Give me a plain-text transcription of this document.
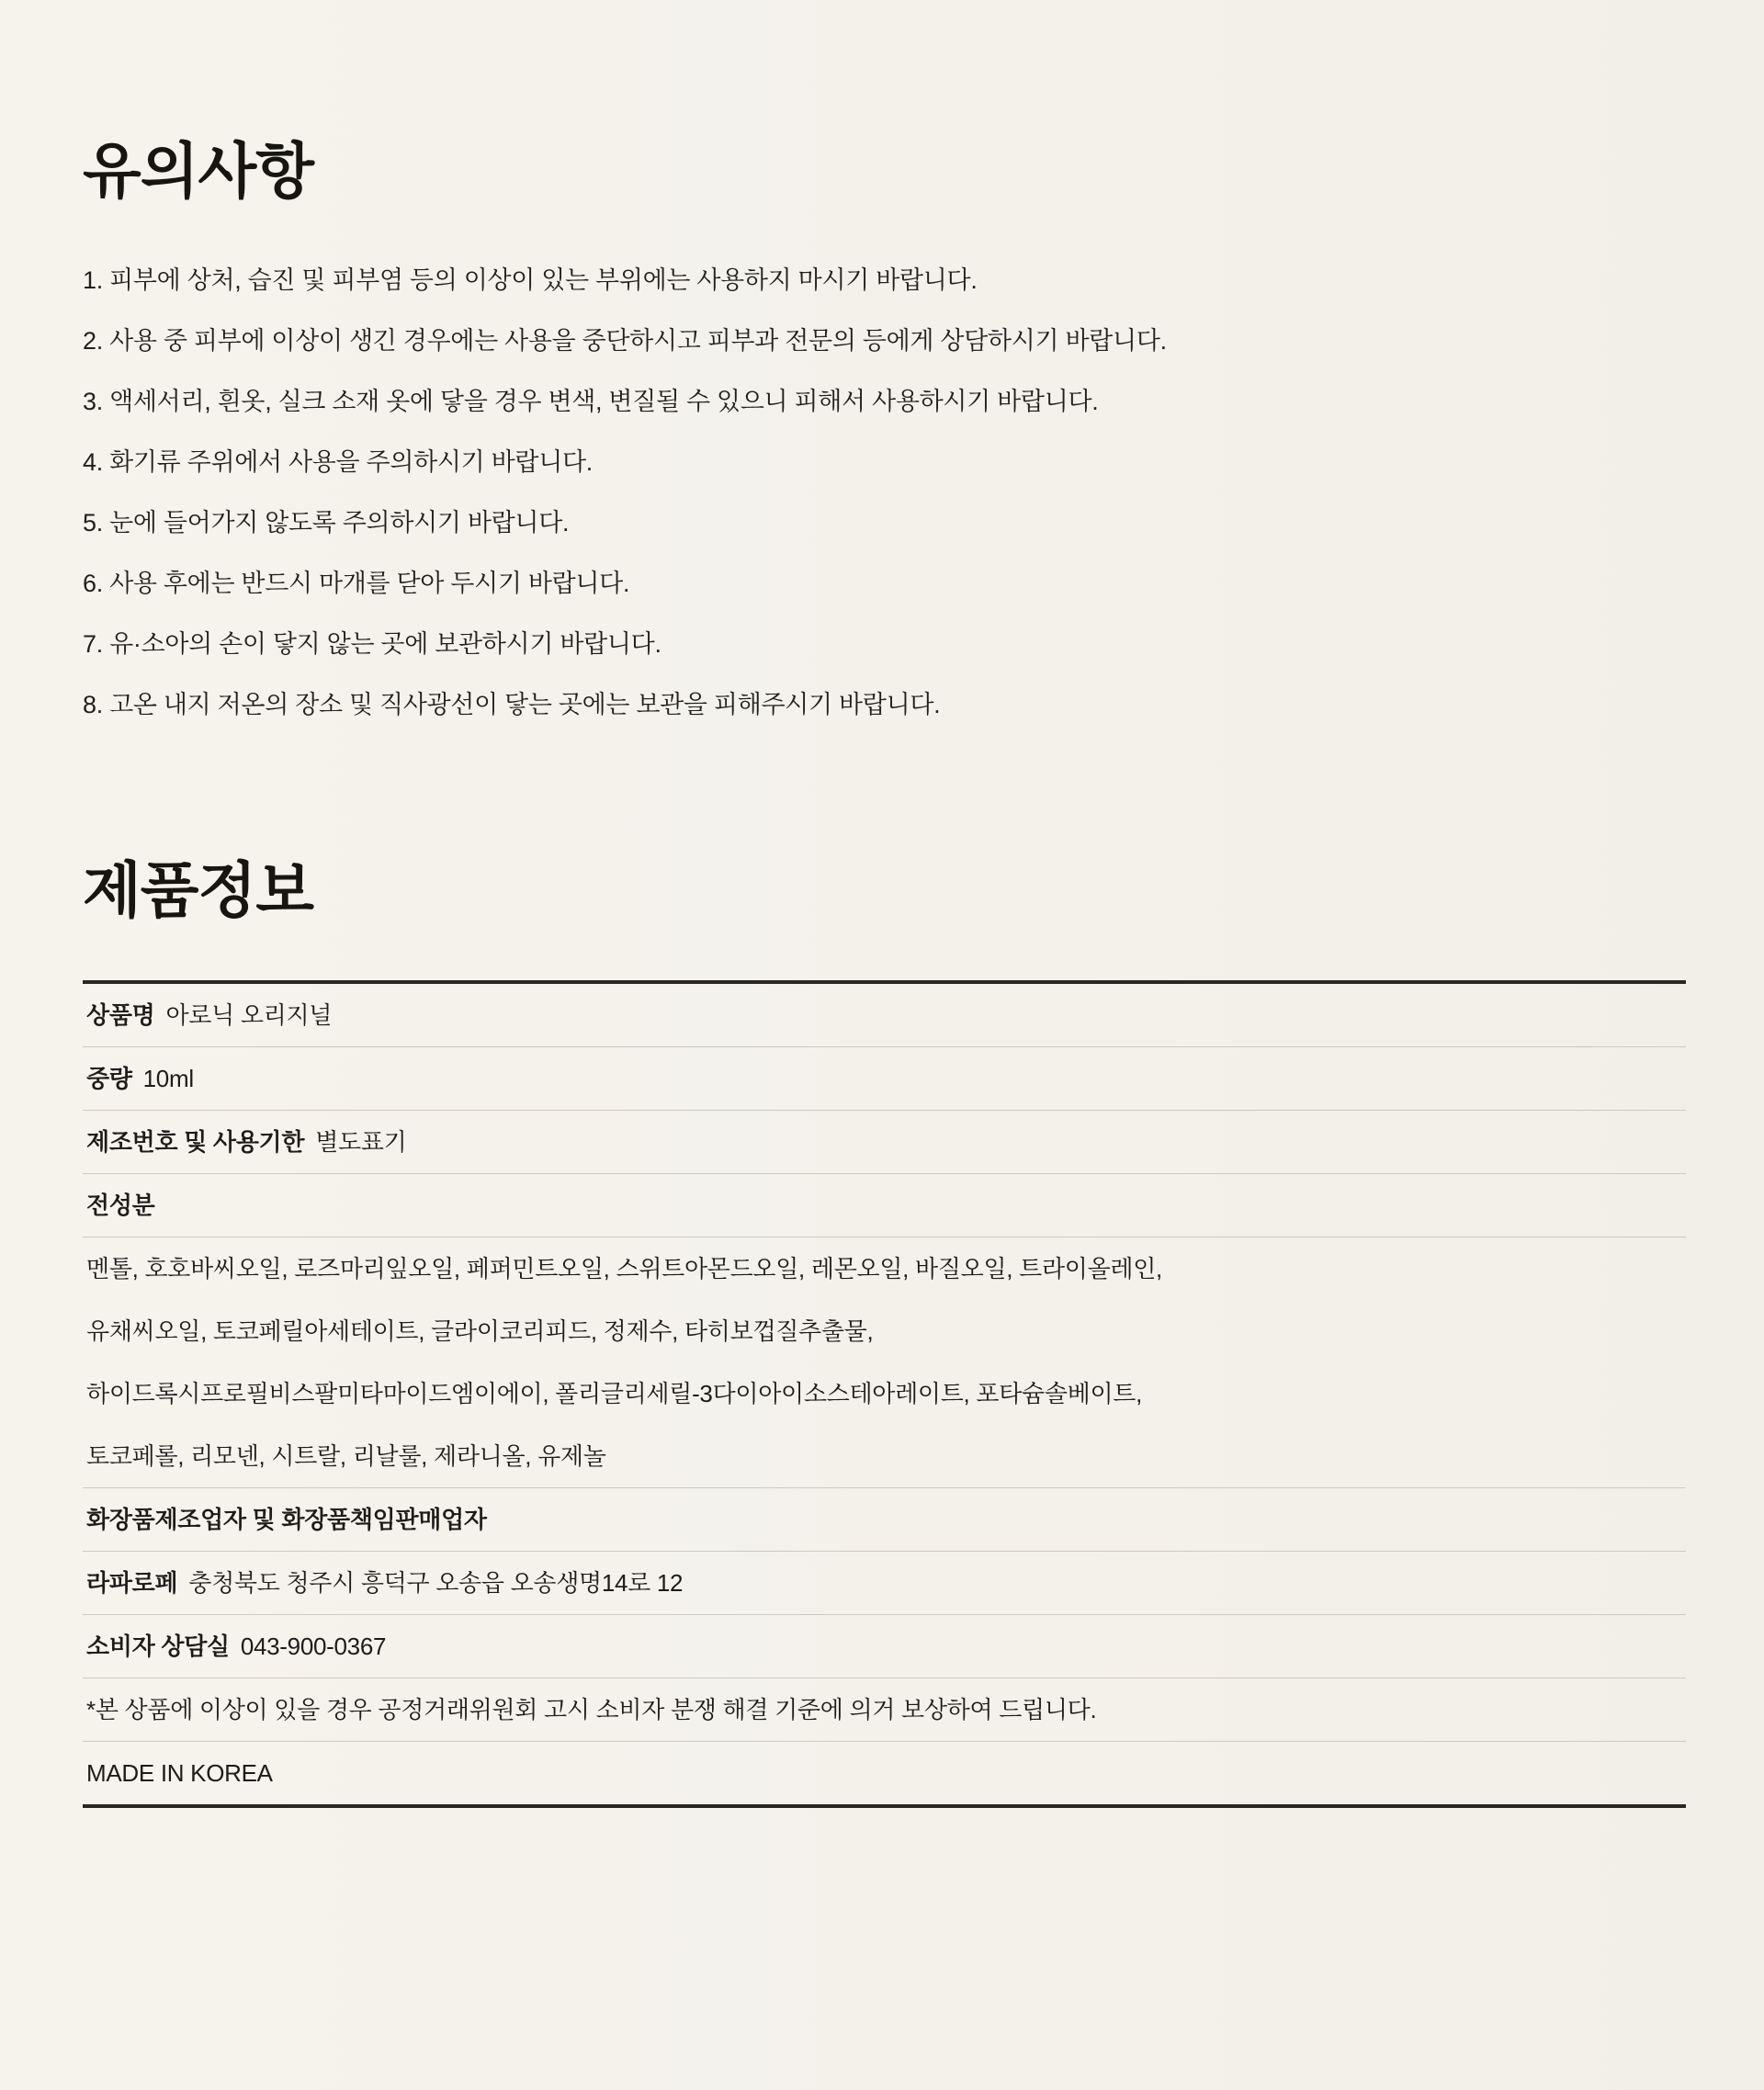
유의사항
1. 피부에 상처, 습진 및 피부염 등의 이상이 있는 부위에는 사용하지 마시기 바랍니다.
2. 사용 중 피부에 이상이 생긴 경우에는 사용을 중단하시고 피부과 전문의 등에게 상담하시기 바랍니다.
3. 액세서리, 흰옷, 실크 소재 옷에 닿을 경우 변색, 변질될 수 있으니 피해서 사용하시기 바랍니다.
4. 화기류 주위에서 사용을 주의하시기 바랍니다.
5. 눈에 들어가지 않도록 주의하시기 바랍니다.
6. 사용 후에는 반드시 마개를 닫아 두시기 바랍니다.
7. 유·소아의 손이 닿지 않는 곳에 보관하시기 바랍니다.
8. 고온 내지 저온의 장소 및 직사광선이 닿는 곳에는 보관을 피해주시기 바랍니다.
제품정보
상품명 아로닉 오리지널
중량 10ml
제조번호 및 사용기한 별도표기
전성분
멘톨, 호호바씨오일, 로즈마리잎오일, 페퍼민트오일, 스위트아몬드오일, 레몬오일, 바질오일, 트라이올레인,
유채씨오일, 토코페릴아세테이트, 글라이코리피드, 정제수, 타히보껍질추출물,
하이드록시프로필비스팔미타마이드엠이에이, 폴리글리세릴-3다이아이소스테아레이트, 포타슘솔베이트,
토코페롤, 리모넨, 시트랄, 리날룰, 제라니올, 유제놀
화장품제조업자 및 화장품책임판매업자
라파로페 충청북도 청주시 흥덕구 오송읍 오송생명14로 12
소비자 상담실 043-900-0367
*본 상품에 이상이 있을 경우 공정거래위원회 고시 소비자 분쟁 해결 기준에 의거 보상하여 드립니다.
MADE IN KOREA
